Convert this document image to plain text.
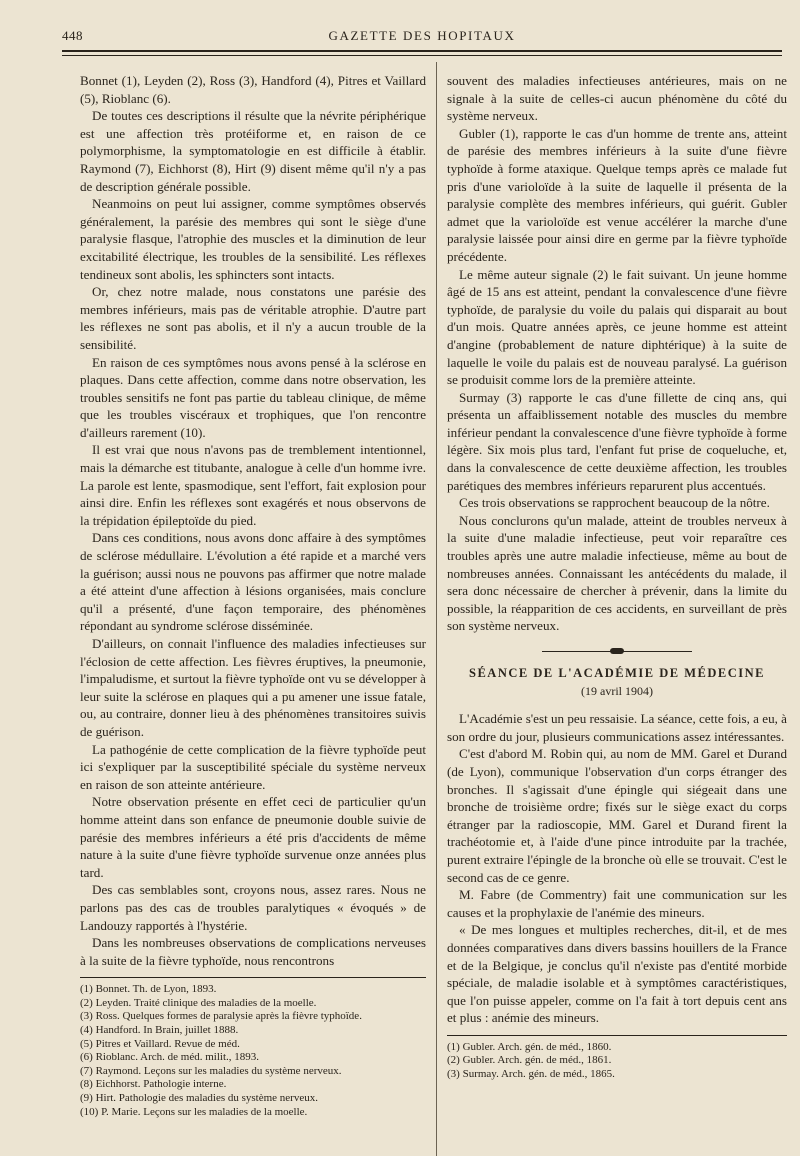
448	GAZETTE DES HOPITAUX

Bonnet (1), Leyden (2), Ross (3), Handford (4), Pitres et Vaillard (5), Rioblanc (6).

De toutes ces descriptions il résulte que la névrite périphérique est une affection très protéiforme et, en raison de ce polymorphisme, la symptomatologie en est difficile à établir. Raymond (7), Eichhorst (8), Hirt (9) disent même qu'il n'y a pas de description générale possible.

Neanmoins on peut lui assigner, comme symptômes observés généralement, la parésie des membres qui sont le siège d'une paralysie flasque, l'atrophie des muscles et la diminution de leur excitabilité électrique, les troubles de la sensibilité. Les réflexes tendineux sont abolis, les sphincters sont intacts.

Or, chez notre malade, nous constatons une parésie des membres inférieurs, mais pas de véritable atrophie. D'autre part les réflexes ne sont pas abolis, et il n'y a aucun trouble de la sensibilité.

En raison de ces symptômes nous avons pensé à la sclérose en plaques. Dans cette affection, comme dans notre observation, les troubles sensitifs ne font pas partie du tableau clinique, de même que les troubles viscéraux et trophiques, que l'on rencontre d'ailleurs rarement (10).

Il est vrai que nous n'avons pas de tremblement intentionnel, mais la démarche est titubante, analogue à celle d'un homme ivre. La parole est lente, spasmodique, sent l'effort, fait explosion pour ainsi dire. Enfin les réflexes sont exagérés et nous observons de la trépidation épileptoïde du pied.

Dans ces conditions, nous avons donc affaire à des symptômes de sclérose médullaire. L'évolution a été rapide et a marché vers la guérison; aussi nous ne pouvons pas affirmer que notre malade a été atteint d'une affection à lésions organisées, mais conclure qu'il a présenté, d'une façon temporaire, des phénomènes répondant au syndrome sclérose disséminée.

D'ailleurs, on connait l'influence des maladies infectieuses sur l'éclosion de cette affection. Les fièvres éruptives, la pneumonie, l'impaludisme, et surtout la fièvre typhoïde ont vu se développer à leur suite la sclérose en plaques qui a pu amener une issue fatale, ou, au contraire, donner lieu à des phénomènes transitoires suivis de guérison.

La pathogénie de cette complication de la fièvre typhoïde peut ici s'expliquer par la susceptibilité spéciale du système nerveux en raison de son atteinte antérieure.

Notre observation présente en effet ceci de particulier qu'un homme atteint dans son enfance de pneumonie double suivie de parésie des membres inférieurs a été pris d'accidents de même nature à la suite d'une fièvre typhoïde survenue onze années plus tard.

Des cas semblables sont, croyons nous, assez rares. Nous ne parlons pas des cas de troubles paralytiques « évoqués » de Landouzy rapportés à l'hystérie.

Dans les nombreuses observations de complications nerveuses à la suite de la fièvre typhoïde, nous rencontrons

(1) Bonnet. Th. de Lyon, 1893.

(2) Leyden. Traité clinique des maladies de la moelle.

(3) Ross. Quelques formes de paralysie après la fièvre typhoïde.

(4) Handford. In Brain, juillet 1888.

(5) Pitres et Vaillard. Revue de méd.

(6) Rioblanc. Arch. de méd. milit., 1893.

(7) Raymond. Leçons sur les maladies du système nerveux.

(8) Eichhorst. Pathologie interne.

(9) Hirt. Pathologie des maladies du système nerveux.

(10) P. Marie. Leçons sur les maladies de la moelle.

souvent des maladies infectieuses antérieures, mais on ne signale à la suite de celles-ci aucun phénomène du côté du système nerveux.

Gubler (1), rapporte le cas d'un homme de trente ans, atteint de parésie des membres inférieurs à la suite d'une fièvre typhoïde à forme ataxique. Quelque temps après ce malade fut pris d'une varioloïde à la suite de laquelle il présenta de la paralysie complète des membres inférieurs, qui guérit. Gubler admet que la varioloïde est venue accélérer la marche d'une paralysie laissée pour ainsi dire en germe par la fièvre typhoïde précédente.

Le même auteur signale (2) le fait suivant. Un jeune homme âgé de 15 ans est atteint, pendant la convalescence d'une fièvre typhoïde, de paralysie du voile du palais qui disparait au bout d'un mois. Quatre années après, ce jeune homme est atteint d'angine (probablement de nature diphtérique) à la suite de laquelle le voile du palais est de nouveau paralysé. La guérison se produisit comme lors de la première atteinte.

Surmay (3) rapporte le cas d'une fillette de cinq ans, qui présenta un affaiblissement notable des muscles du membre inférieur pendant la convalescence d'une fièvre typhoïde à forme légère. Six mois plus tard, l'enfant fut prise de coqueluche, et, dans la convalescence de cette deuxième affection, les troubles parétiques des membres inférieurs reparurent plus accentués.

Ces trois observations se rapprochent beaucoup de la nôtre.

Nous conclurons qu'un malade, atteint de troubles nerveux à la suite d'une maladie infectieuse, peut voir reparaître ces troubles après une autre maladie infectieuse, même au bout de nombreuses années. Connaissant les antécédents du malade, il sera donc nécessaire de chercher à prévenir, dans la limite du possible, la réapparition de ces accidents, en surveillant de près son système nerveux.

SÉANCE DE L'ACADÉMIE DE MÉDECINE

(19 avril 1904)

L'Académie s'est un peu ressaisie. La séance, cette fois, a eu, à son ordre du jour, plusieurs communications assez intéressantes.

C'est d'abord M. Robin qui, au nom de MM. Garel et Durand (de Lyon), communique l'observation d'un corps étranger des bronches. Il s'agissait d'une épingle qui siégeait dans une bronche de troisième ordre; fixés sur le siège exact du corps étranger par la radioscopie, MM. Garel et Durand firent la trachéotomie et, à l'aide d'une pince introduite par la trachée, purent extraire l'épingle de la bronche où elle se trouvait. C'est le second cas de ce genre.

M. Fabre (de Commentry) fait une communication sur les causes et la prophylaxie de l'anémie des mineurs.

« De mes longues et multiples recherches, dit-il, et de mes données comparatives dans divers bassins houillers de la France et de la Belgique, je conclus qu'il n'existe pas d'entité morbide spéciale, de maladie isolable et à symptômes caractéristiques, que l'on puisse appeler, comme on l'a fait à tort depuis cent ans et plus : anémie des mineurs.

(1) Gubler. Arch. gén. de méd., 1860.

(2) Gubler. Arch. gén. de méd., 1861.

(3) Surmay. Arch. gén. de méd., 1865.
